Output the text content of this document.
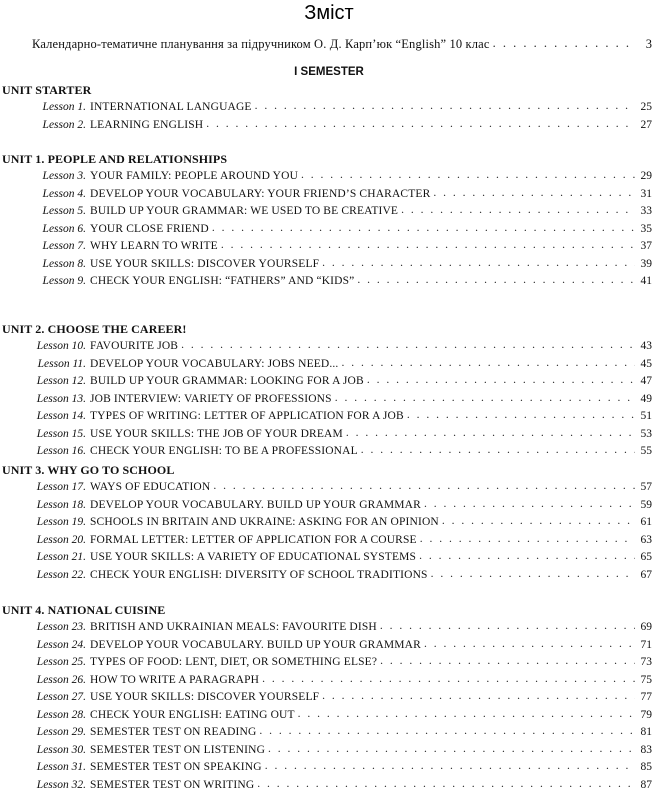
Зміст
Календарно-тематичне планування за підручником О. Д. Карп’юк “English” 10 клас . . .	3
I SEMESTER
UNIT STARTER
Lesson 1. INTERNATIONAL LANGUAGE . . .	25
Lesson 2. LEARNING ENGLISH . . .	27
UNIT 1. PEOPLE AND RELATIONSHIPS
Lesson 3. YOUR FAMILY: PEOPLE AROUND YOU . . .	29
Lesson 4. DEVELOP YOUR VOCABULARY: YOUR FRIEND’S CHARACTER . . .	31
Lesson 5. BUILD UP YOUR GRAMMAR: WE USED TO BE CREATIVE . . .	33
Lesson 6. YOUR CLOSE FRIEND . . .	35
Lesson 7. WHY LEARN TO WRITE . . .	37
Lesson 8. USE YOUR SKILLS: DISCOVER YOURSELF . . .	39
Lesson 9. CHECK YOUR ENGLISH: “FATHERS” AND “KIDS” . . .	41
UNIT 2. CHOOSE THE CAREER!
Lesson 10. FAVOURITE JOB . . .	43
Lesson 11. DEVELOP YOUR VOCABULARY: JOBS NEED... . . .	45
Lesson 12. BUILD UP YOUR GRAMMAR: LOOKING FOR A JOB . . .	47
Lesson 13. JOB INTERVIEW: VARIETY OF PROFESSIONS . . .	49
Lesson 14. TYPES OF WRITING: LETTER OF APPLICATION FOR A JOB . . .	51
Lesson 15. USE YOUR SKILLS: THE JOB OF YOUR DREAM . . .	53
Lesson 16. CHECK YOUR ENGLISH: TO BE A PROFESSIONAL . . .	55
UNIT 3. WHY GO TO SCHOOL
Lesson 17. WAYS OF EDUCATION . . .	57
Lesson 18. DEVELOP YOUR VOCABULARY. BUILD UP YOUR GRAMMAR . . .	59
Lesson 19. SCHOOLS IN BRITAIN AND UKRAINE: ASKING FOR AN OPINION . . .	61
Lesson 20. FORMAL LETTER: LETTER OF APPLICATION FOR A COURSE . . .	63
Lesson 21. USE YOUR SKILLS: A VARIETY OF EDUCATIONAL SYSTEMS . . .	65
Lesson 22. CHECK YOUR ENGLISH: DIVERSITY OF SCHOOL TRADITIONS . . .	67
UNIT 4. NATIONAL CUISINE
Lesson 23. BRITISH AND UKRAINIAN MEALS: FAVOURITE DISH . . .	69
Lesson 24. DEVELOP YOUR VOCABULARY. BUILD UP YOUR GRAMMAR . . .	71
Lesson 25. TYPES OF FOOD: LENT, DIET, OR SOMETHING ELSE? . . .	73
Lesson 26. HOW TO WRITE A PARAGRAPH . . .	75
Lesson 27. USE YOUR SKILLS: DISCOVER YOURSELF . . .	77
Lesson 28. CHECK YOUR ENGLISH: EATING OUT . . .	79
Lesson 29. SEMESTER TEST ON READING . . .	81
Lesson 30. SEMESTER TEST ON LISTENING . . .	83
Lesson 31. SEMESTER TEST ON SPEAKING . . .	85
Lesson 32. SEMESTER TEST ON WRITING . . .	87
